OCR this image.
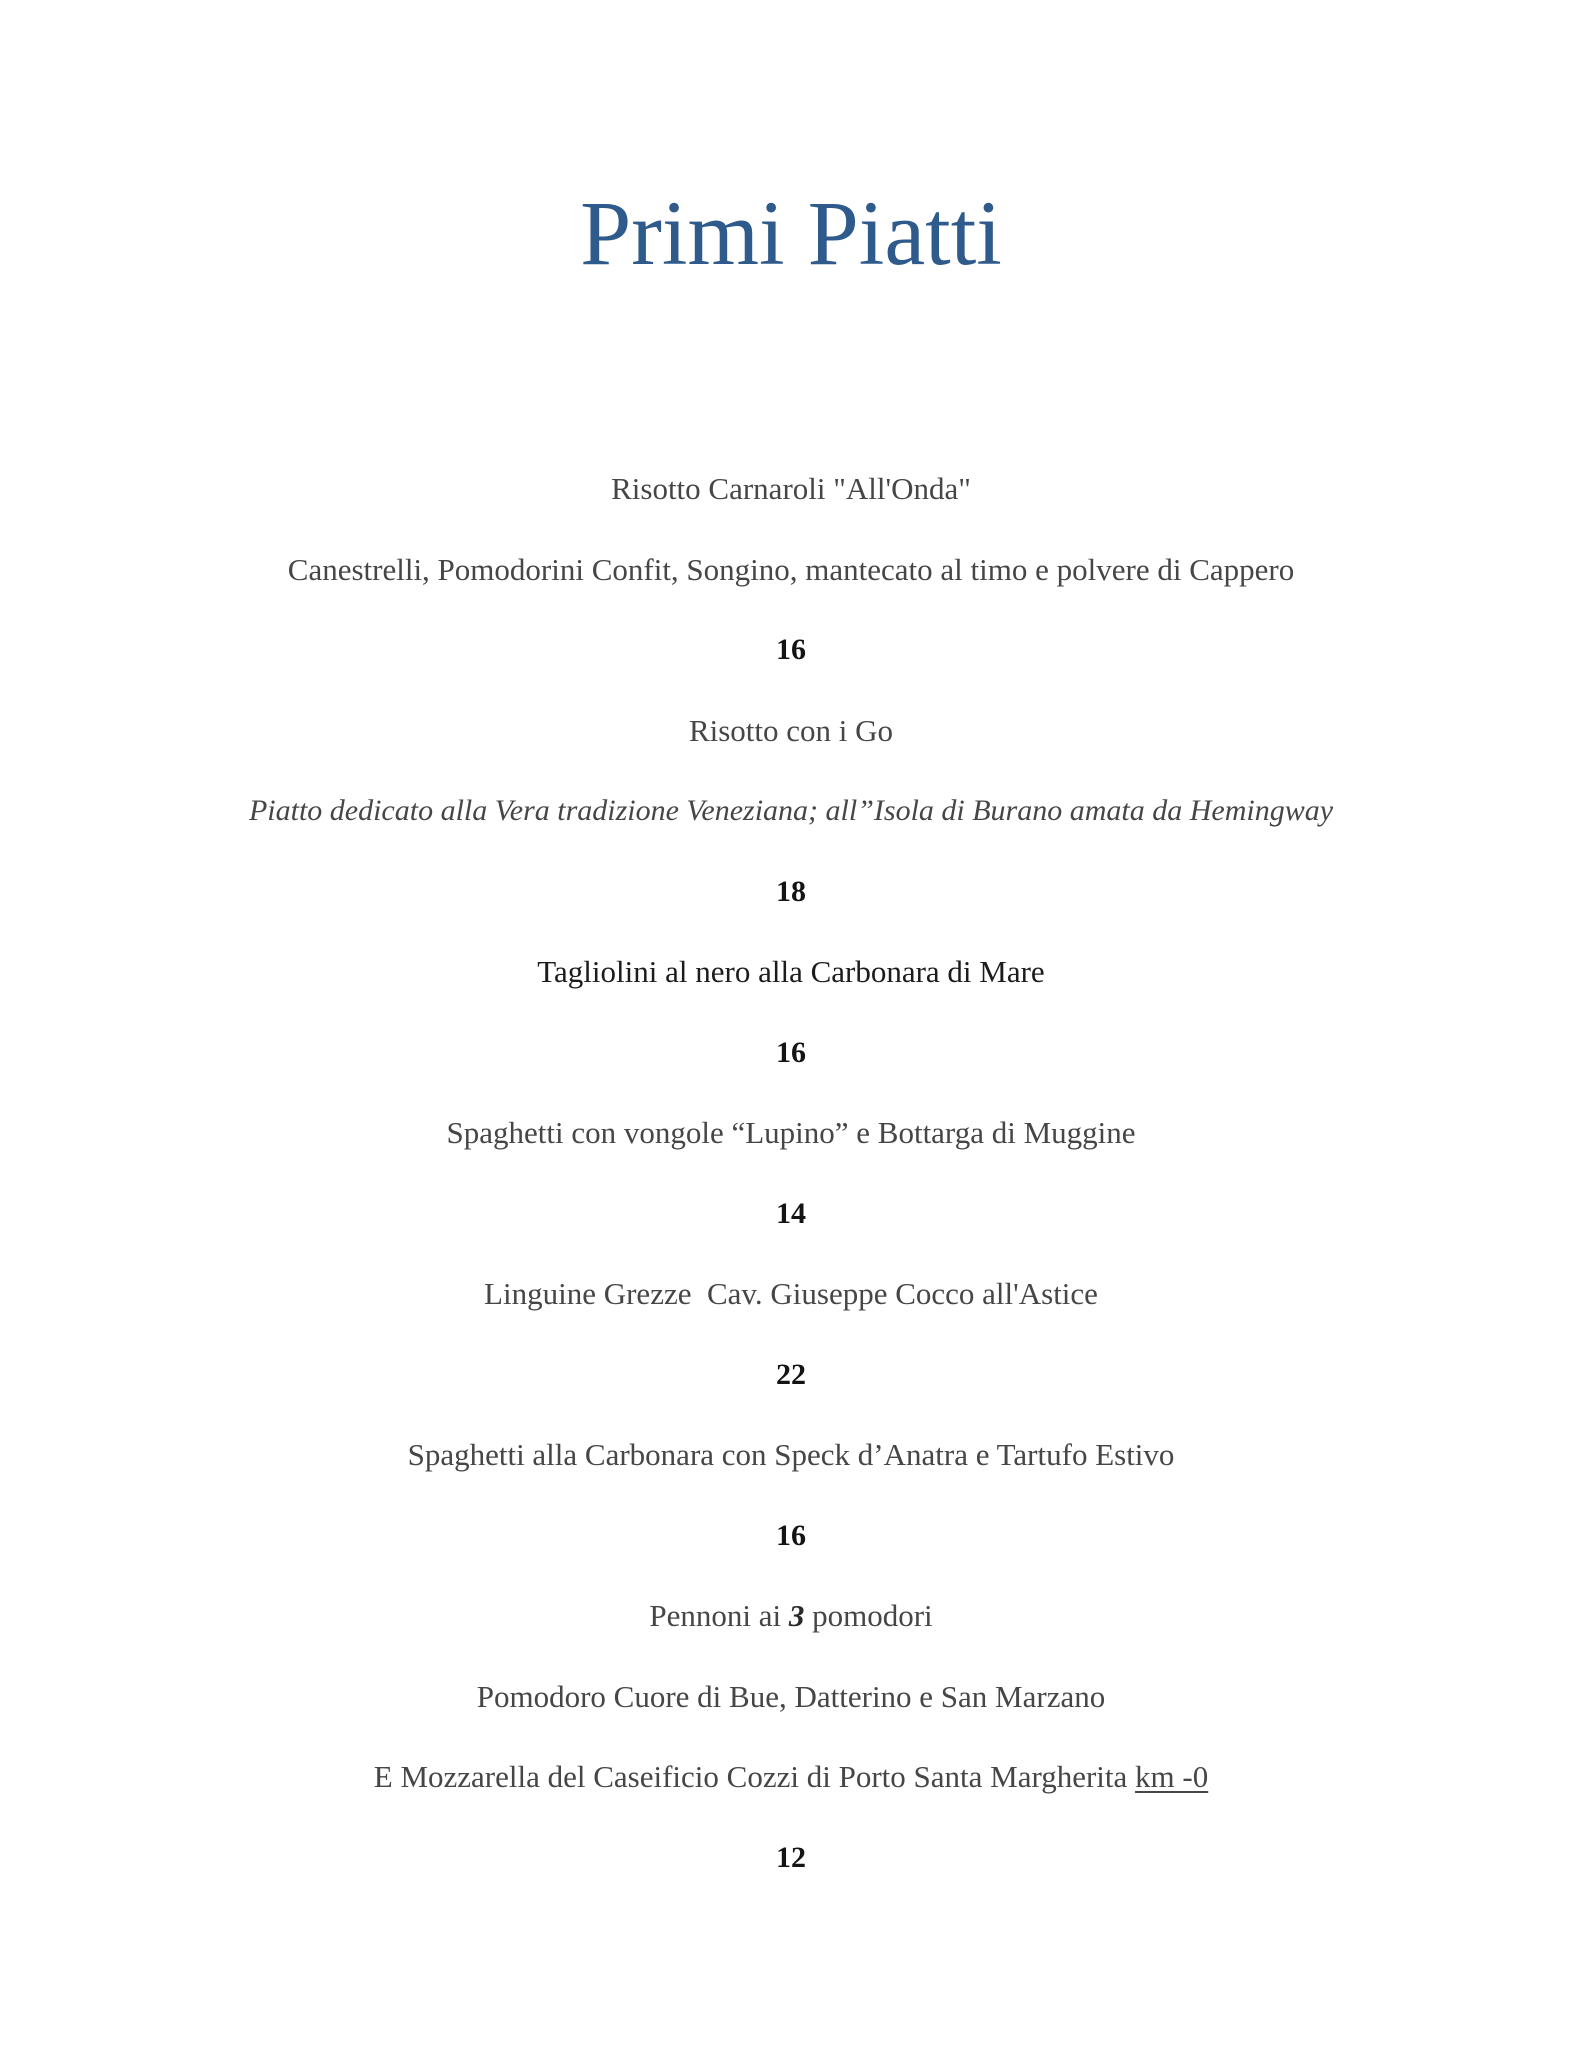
Primi Piatti
Risotto Carnaroli "All'Onda"
Canestrelli, Pomodorini Confit, Songino, mantecato al timo e polvere di Cappero
16
Risotto con i Go
Piatto dedicato alla Vera tradizione Veneziana; all”Isola di Burano amata da Hemingway
18
Tagliolini al nero alla Carbonara di Mare
16
Spaghetti con vongole “Lupino” e Bottarga di Muggine
14
Linguine Grezze  Cav. Giuseppe Cocco all'Astice
22
Spaghetti alla Carbonara con Speck d’Anatra e Tartufo Estivo
16
Pennoni ai 3 pomodori
Pomodoro Cuore di Bue, Datterino e San Marzano
E Mozzarella del Caseificio Cozzi di Porto Santa Margherita km -0
12
